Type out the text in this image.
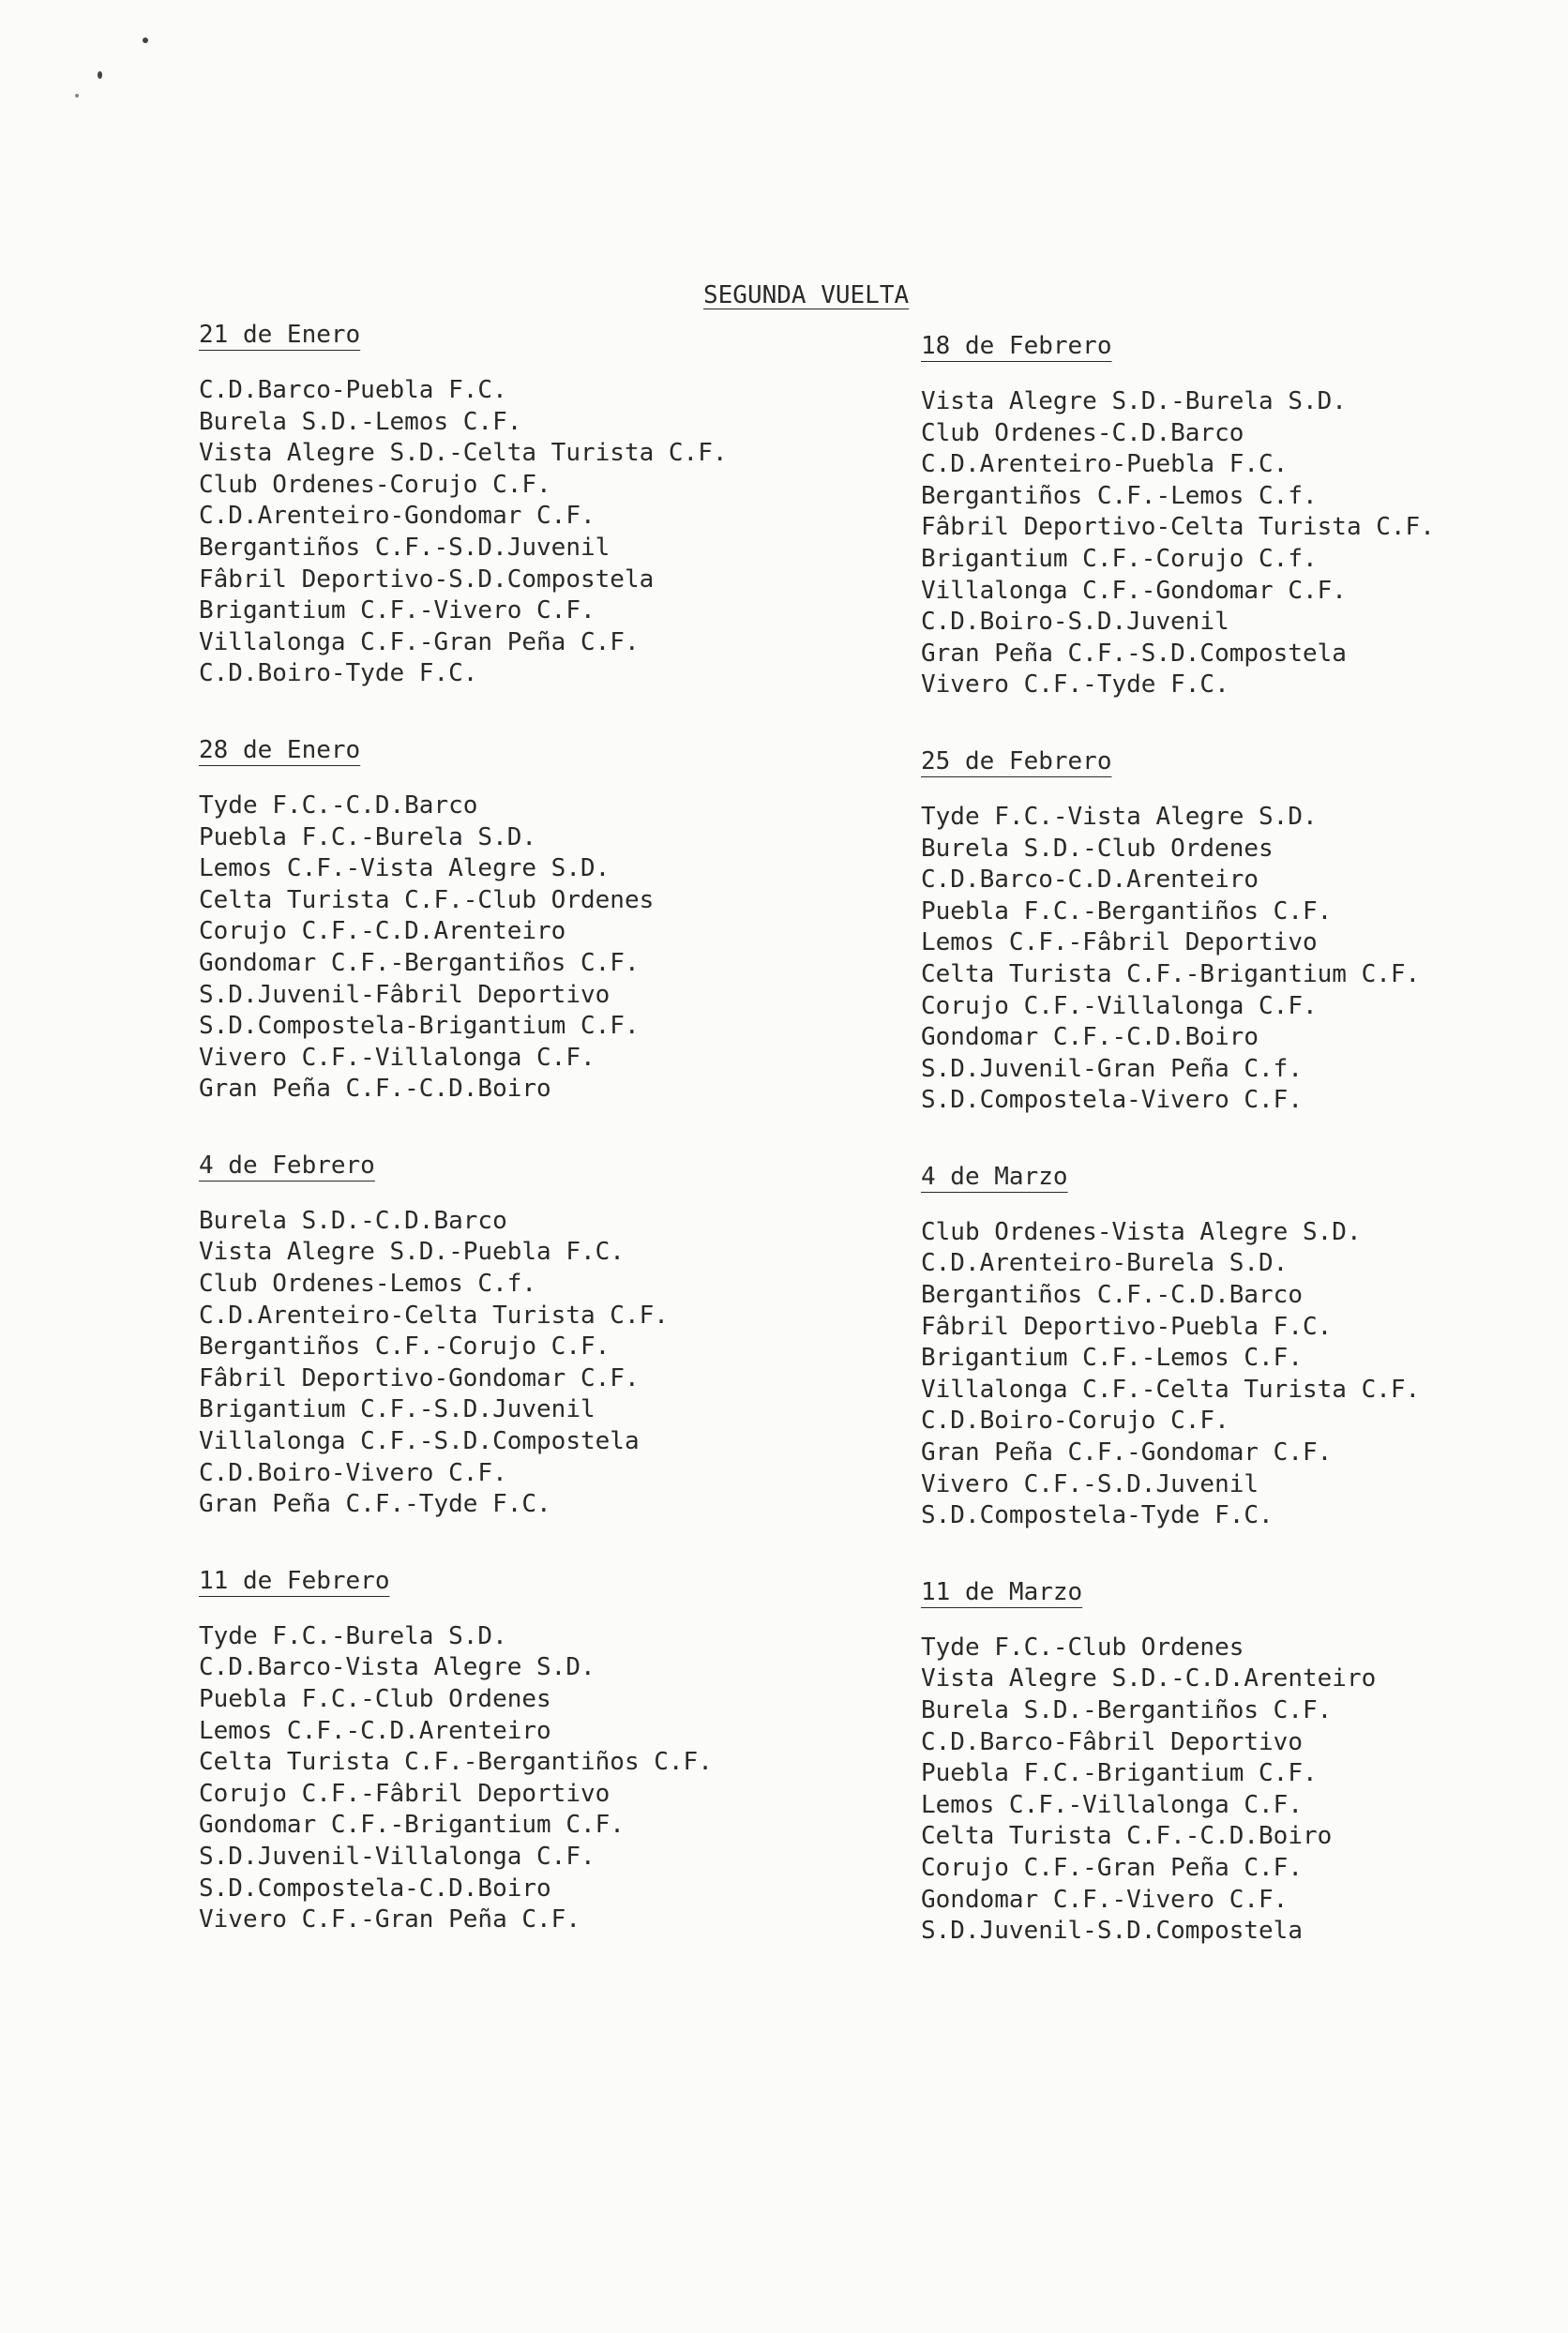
SEGUNDA VUELTA
21 de Enero
C.D.Barco-Puebla F.C.
Burela S.D.-Lemos C.F.
Vista Alegre S.D.-Celta Turista C.F.
Club Ordenes-Corujo C.F.
C.D.Arenteiro-Gondomar C.F.
Bergantiños C.F.-S.D.Juvenil
Fâbril Deportivo-S.D.Compostela
Brigantium C.F.-Vivero C.F.
Villalonga C.F.-Gran Peña C.F.
C.D.Boiro-Tyde F.C.
28 de Enero
Tyde F.C.-C.D.Barco
Puebla F.C.-Burela S.D.
Lemos C.F.-Vista Alegre S.D.
Celta Turista C.F.-Club Ordenes
Corujo C.F.-C.D.Arenteiro
Gondomar C.F.-Bergantiños C.F.
S.D.Juvenil-Fâbril Deportivo
S.D.Compostela-Brigantium C.F.
Vivero C.F.-Villalonga C.F.
Gran Peña C.F.-C.D.Boiro
4 de Febrero
Burela S.D.-C.D.Barco
Vista Alegre S.D.-Puebla F.C.
Club Ordenes-Lemos C.f.
C.D.Arenteiro-Celta Turista C.F.
Bergantiños C.F.-Corujo C.F.
Fâbril Deportivo-Gondomar C.F.
Brigantium C.F.-S.D.Juvenil
Villalonga C.F.-S.D.Compostela
C.D.Boiro-Vivero C.F.
Gran Peña C.F.-Tyde F.C.
11 de Febrero
Tyde F.C.-Burela S.D.
C.D.Barco-Vista Alegre S.D.
Puebla F.C.-Club Ordenes
Lemos C.F.-C.D.Arenteiro
Celta Turista C.F.-Bergantiños C.F.
Corujo C.F.-Fâbril Deportivo
Gondomar C.F.-Brigantium C.F.
S.D.Juvenil-Villalonga C.F.
S.D.Compostela-C.D.Boiro
Vivero C.F.-Gran Peña C.F.
18 de Febrero
Vista Alegre S.D.-Burela S.D.
Club Ordenes-C.D.Barco
C.D.Arenteiro-Puebla F.C.
Bergantiños C.F.-Lemos C.f.
Fâbril Deportivo-Celta Turista C.F.
Brigantium C.F.-Corujo C.f.
Villalonga C.F.-Gondomar C.F.
C.D.Boiro-S.D.Juvenil
Gran Peña C.F.-S.D.Compostela
Vivero C.F.-Tyde F.C.
25 de Febrero
Tyde F.C.-Vista Alegre S.D.
Burela S.D.-Club Ordenes
C.D.Barco-C.D.Arenteiro
Puebla F.C.-Bergantiños C.F.
Lemos C.F.-Fâbril Deportivo
Celta Turista C.F.-Brigantium C.F.
Corujo C.F.-Villalonga C.F.
Gondomar C.F.-C.D.Boiro
S.D.Juvenil-Gran Peña C.f.
S.D.Compostela-Vivero C.F.
4 de Marzo
Club Ordenes-Vista Alegre S.D.
C.D.Arenteiro-Burela S.D.
Bergantiños C.F.-C.D.Barco
Fâbril Deportivo-Puebla F.C.
Brigantium C.F.-Lemos C.F.
Villalonga C.F.-Celta Turista C.F.
C.D.Boiro-Corujo C.F.
Gran Peña C.F.-Gondomar C.F.
Vivero C.F.-S.D.Juvenil
S.D.Compostela-Tyde F.C.
11 de Marzo
Tyde F.C.-Club Ordenes
Vista Alegre S.D.-C.D.Arenteiro
Burela S.D.-Bergantiños C.F.
C.D.Barco-Fâbril Deportivo
Puebla F.C.-Brigantium C.F.
Lemos C.F.-Villalonga C.F.
Celta Turista C.F.-C.D.Boiro
Corujo C.F.-Gran Peña C.F.
Gondomar C.F.-Vivero C.F.
S.D.Juvenil-S.D.Compostela
